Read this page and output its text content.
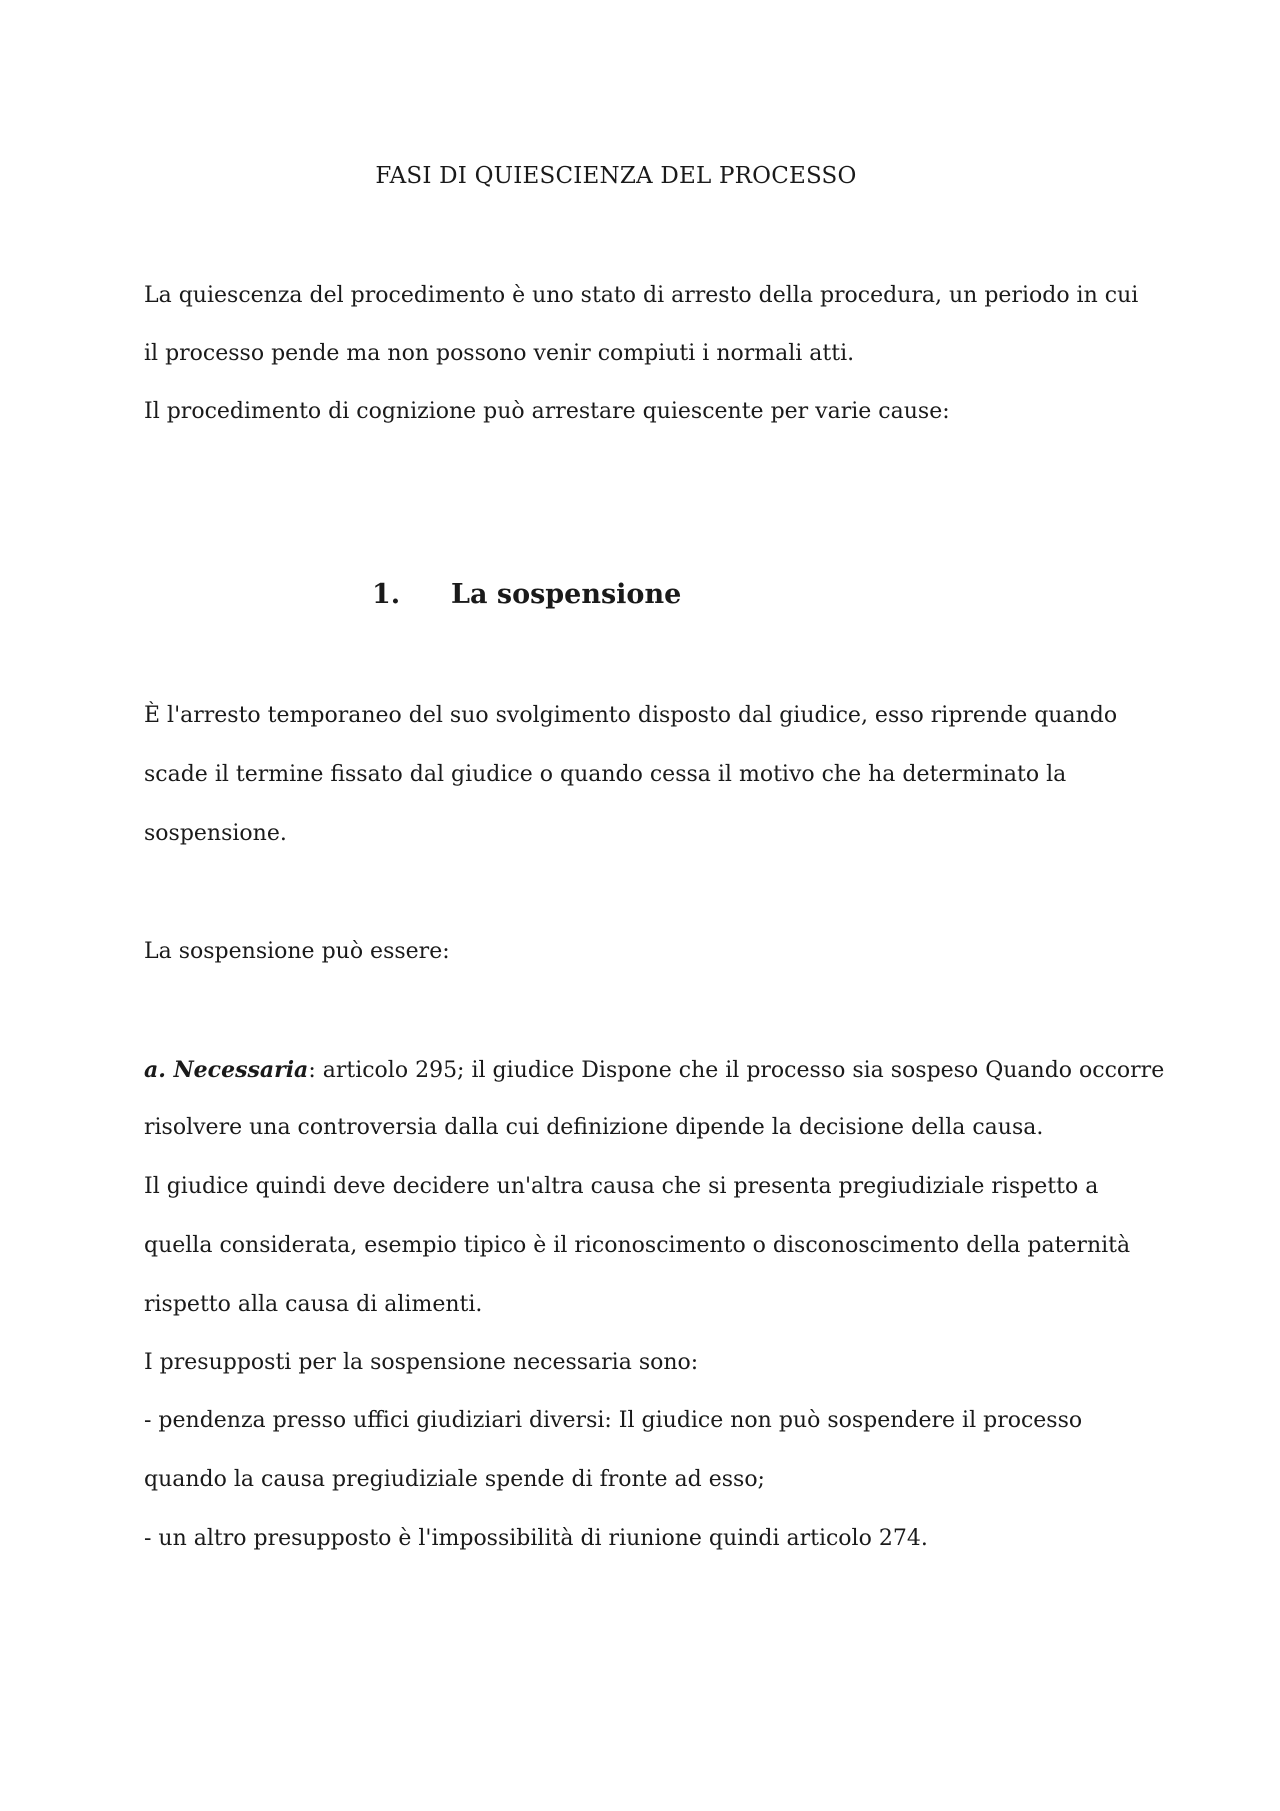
FASI DI QUIESCIENZA DEL PROCESSO
La quiescenza del procedimento è uno stato di arresto della procedura, un periodo in cui
il processo pende ma non possono venir compiuti i normali atti.
Il procedimento di cognizione può arrestare quiescente per varie cause:
1. La sospensione
È l'arresto temporaneo del suo svolgimento disposto dal giudice, esso riprende quando
scade il termine fissato dal giudice o quando cessa il motivo che ha determinato la
sospensione.
La sospensione può essere:
a. Necessaria: articolo 295; il giudice Dispone che il processo sia sospeso Quando occorre
risolvere una controversia dalla cui definizione dipende la decisione della causa.
Il giudice quindi deve decidere un'altra causa che si presenta pregiudiziale rispetto a
quella considerata, esempio tipico è il riconoscimento o disconoscimento della paternità
rispetto alla causa di alimenti.
I presupposti per la sospensione necessaria sono:
- pendenza presso uffici giudiziari diversi: Il giudice non può sospendere il processo
quando la causa pregiudiziale spende di fronte ad esso;
- un altro presupposto è l'impossibilità di riunione quindi articolo 274.
